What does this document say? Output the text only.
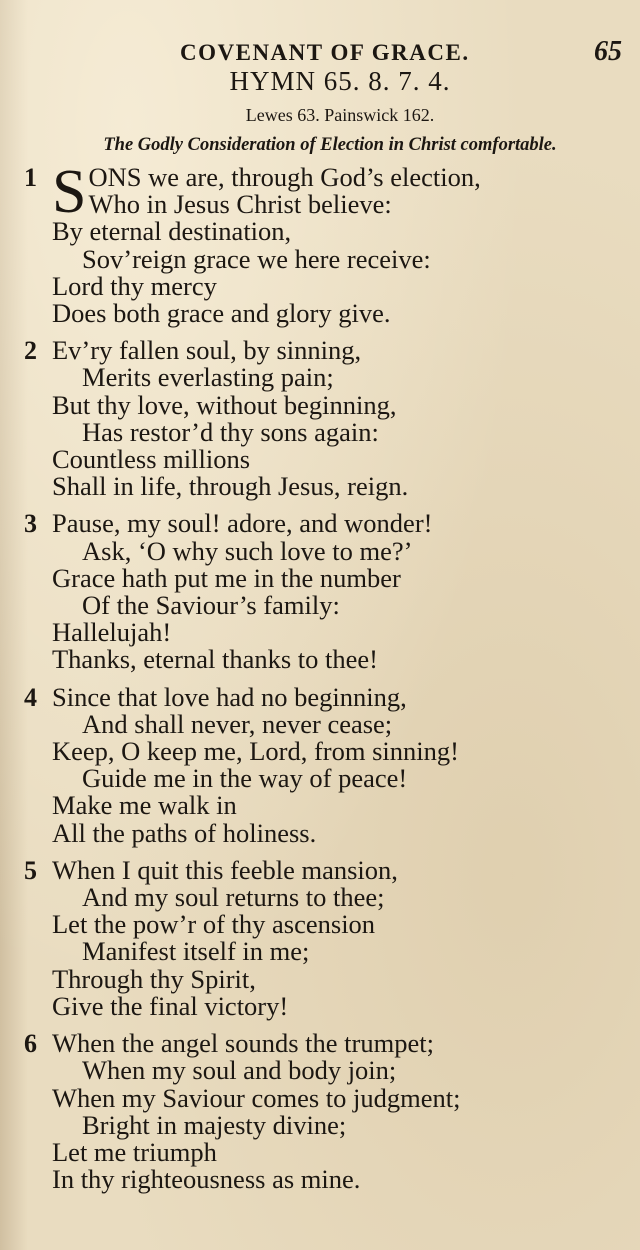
COVENANT OF GRACE.	65
HYMN 65. 8. 7. 4.
Lewes 63. Painswick 162.
The Godly Consideration of Election in Christ comfortable.
1 S ONS we are, through God’s election,
Who in Jesus Christ believe:
By eternal destination,
Sov’reign grace we here receive:
Lord thy mercy
Does both grace and glory give.
2 Ev’ry fallen soul, by sinning,
Merits everlasting pain;
But thy love, without beginning,
Has restor’d thy sons again:
Countless millions
Shall in life, through Jesus, reign.
3 Pause, my soul! adore, and wonder!
Ask, ‘O why such love to me?’
Grace hath put me in the number
Of the Saviour’s family:
Hallelujah!
Thanks, eternal thanks to thee!
4 Since that love had no beginning,
And shall never, never cease;
Keep, O keep me, Lord, from sinning!
Guide me in the way of peace!
Make me walk in
All the paths of holiness.
5 When I quit this feeble mansion,
And my soul returns to thee;
Let the pow’r of thy ascension
Manifest itself in me;
Through thy Spirit,
Give the final victory!
6 When the angel sounds the trumpet;
When my soul and body join;
When my Saviour comes to judgment;
Bright in majesty divine;
Let me triumph
In thy righteousness as mine.
